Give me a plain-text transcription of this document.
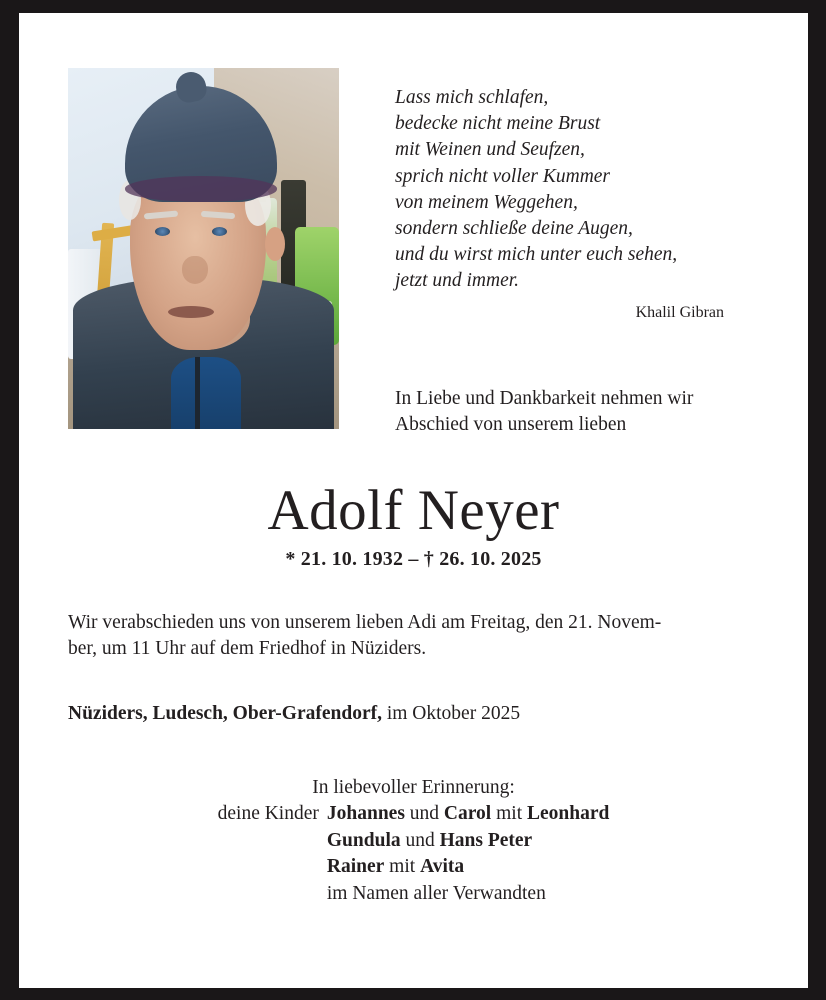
Lass mich schlafen,
bedecke nicht meine Brust
mit Weinen und Seufzen,
sprich nicht voller Kummer
von meinem Weggehen,
sondern schließe deine Augen,
und du wirst mich unter euch sehen,
jetzt und immer.
Khalil Gibran
In Liebe und Dankbarkeit nehmen wir
Abschied von unserem lieben
Adolf Neyer
* 21. 10. 1932 – † 26. 10. 2025
Wir verabschieden uns von unserem lieben Adi am Freitag, den 21. Novem-
ber, um 11 Uhr auf dem Friedhof in Nüziders.
Nüziders, Ludesch, Ober-Grafendorf, im Oktober 2025
In liebevoller Erinnerung:
deine Kinder Johannes und Carol mit Leonhard
Gundula und Hans Peter
Rainer mit Avita
im Namen aller Verwandten
